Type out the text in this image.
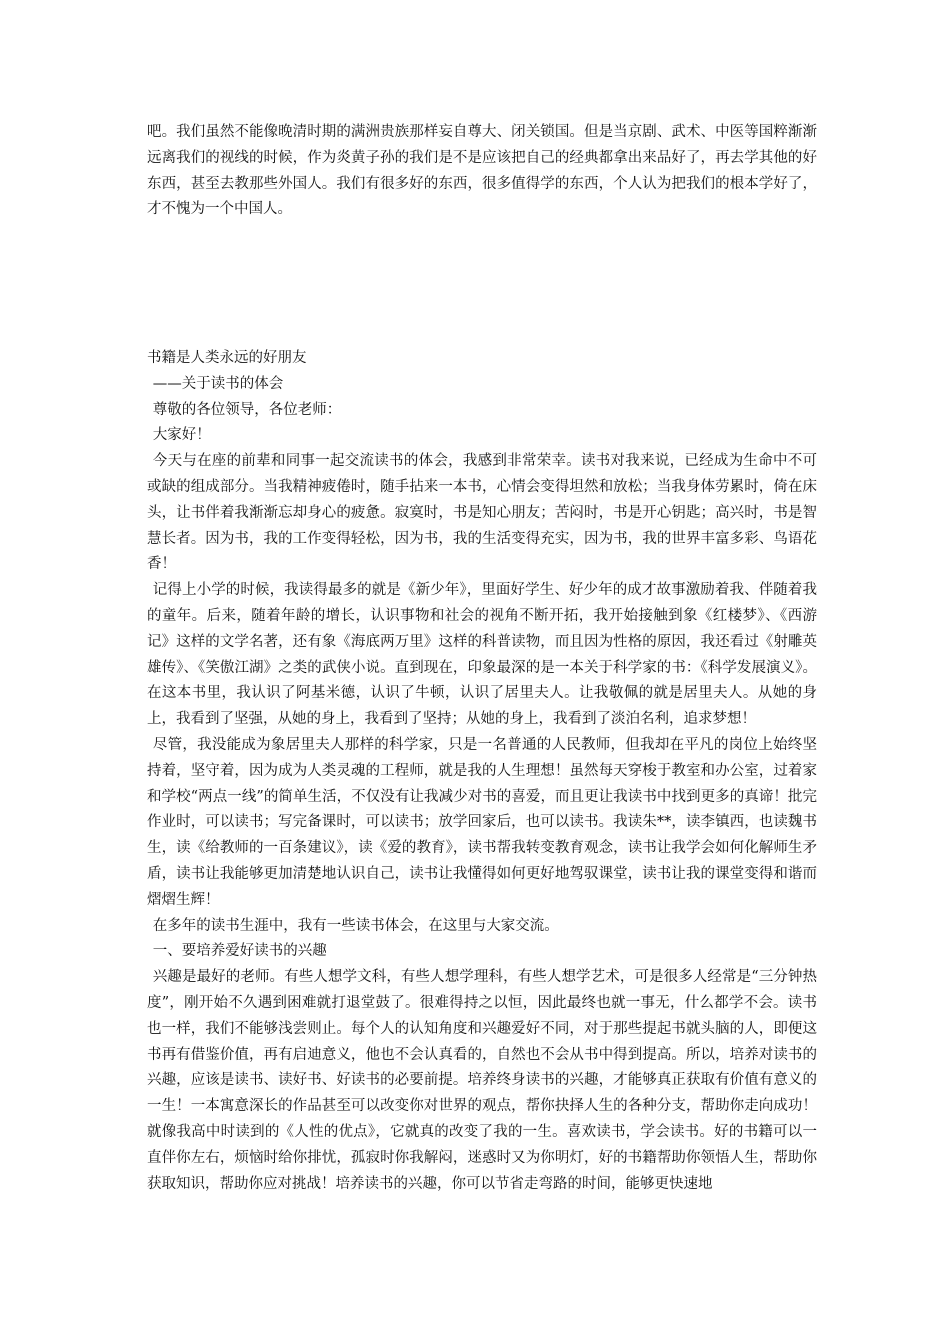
吧。我们虽然不能像晚清时期的满洲贵族那样妄自尊大、闭关锁国。但是当京剧、武术、中医等国粹渐渐远离我们的视线的时候，作为炎黄子孙的我们是不是应该把自己的经典都拿出来品好了，再去学其他的好东西，甚至去教那些外国人。我们有很多好的东西，很多值得学的东西，个人认为把我们的根本学好了，才不愧为一个中国人。

书籍是人类永远的好朋友

——关于读书的体会

尊敬的各位领导，各位老师：

大家好！

今天与在座的前辈和同事一起交流读书的体会，我感到非常荣幸。读书对我来说，已经成为生命中不可或缺的组成部分。当我精神疲倦时，随手拈来一本书，心情会变得坦然和放松；当我身体劳累时，倚在床头，让书伴着我渐渐忘却身心的疲惫。寂寞时，书是知心朋友；苦闷时，书是开心钥匙；高兴时，书是智慧长者。因为书，我的工作变得轻松，因为书，我的生活变得充实，因为书，我的世界丰富多彩、鸟语花香！

记得上小学的时候，我读得最多的就是《新少年》，里面好学生、好少年的成才故事激励着我、伴随着我的童年。后来，随着年龄的增长，认识事物和社会的视角不断开拓，我开始接触到象《红楼梦》、《西游记》这样的文学名著，还有象《海底两万里》这样的科普读物，而且因为性格的原因，我还看过《射雕英雄传》、《笑傲江湖》之类的武侠小说。直到现在，印象最深的是一本关于科学家的书：《科学发展演义》。在这本书里，我认识了阿基米德，认识了牛顿，认识了居里夫人。让我敬佩的就是居里夫人。从她的身上，我看到了坚强，从她的身上，我看到了坚持；从她的身上，我看到了淡泊名利，追求梦想！

尽管，我没能成为象居里夫人那样的科学家，只是一名普通的人民教师，但我却在平凡的岗位上始终坚持着，坚守着，因为成为人类灵魂的工程师，就是我的人生理想！虽然每天穿梭于教室和办公室，过着家和学校“两点一线”的简单生活，不仅没有让我减少对书的喜爱，而且更让我读书中找到更多的真谛！批完作业时，可以读书；写完备课时，可以读书；放学回家后，也可以读书。我读朱**，读李镇西，也读魏书生，读《给教师的一百条建议》，读《爱的教育》，读书帮我转变教育观念，读书让我学会如何化解师生矛盾，读书让我能够更加清楚地认识自己，读书让我懂得如何更好地驾驭课堂，读书让我的课堂变得和谐而熠熠生辉！

在多年的读书生涯中，我有一些读书体会，在这里与大家交流。

一、要培养爱好读书的兴趣

兴趣是最好的老师。有些人想学文科，有些人想学理科，有些人想学艺术，可是很多人经常是“三分钟热度”，刚开始不久遇到困难就打退堂鼓了。很难得持之以恒，因此最终也就一事无，什么都学不会。读书也一样，我们不能够浅尝则止。每个人的认知角度和兴趣爱好不同，对于那些提起书就头脑的人，即便这书再有借鉴价值，再有启迪意义，他也不会认真看的，自然也不会从书中得到提高。所以，培养对读书的兴趣，应该是读书、读好书、好读书的必要前提。培养终身读书的兴趣，才能够真正获取有价值有意义的一生！一本寓意深长的作品甚至可以改变你对世界的观点，帮你抉择人生的各种分支，帮助你走向成功！就像我高中时读到的《人性的优点》，它就真的改变了我的一生。喜欢读书，学会读书。好的书籍可以一直伴你左右，烦恼时给你排忧，孤寂时你我解闷，迷惑时又为你明灯，好的书籍帮助你领悟人生，帮助你获取知识，帮助你应对挑战！培养读书的兴趣，你可以节省走弯路的时间，能够更快速地
